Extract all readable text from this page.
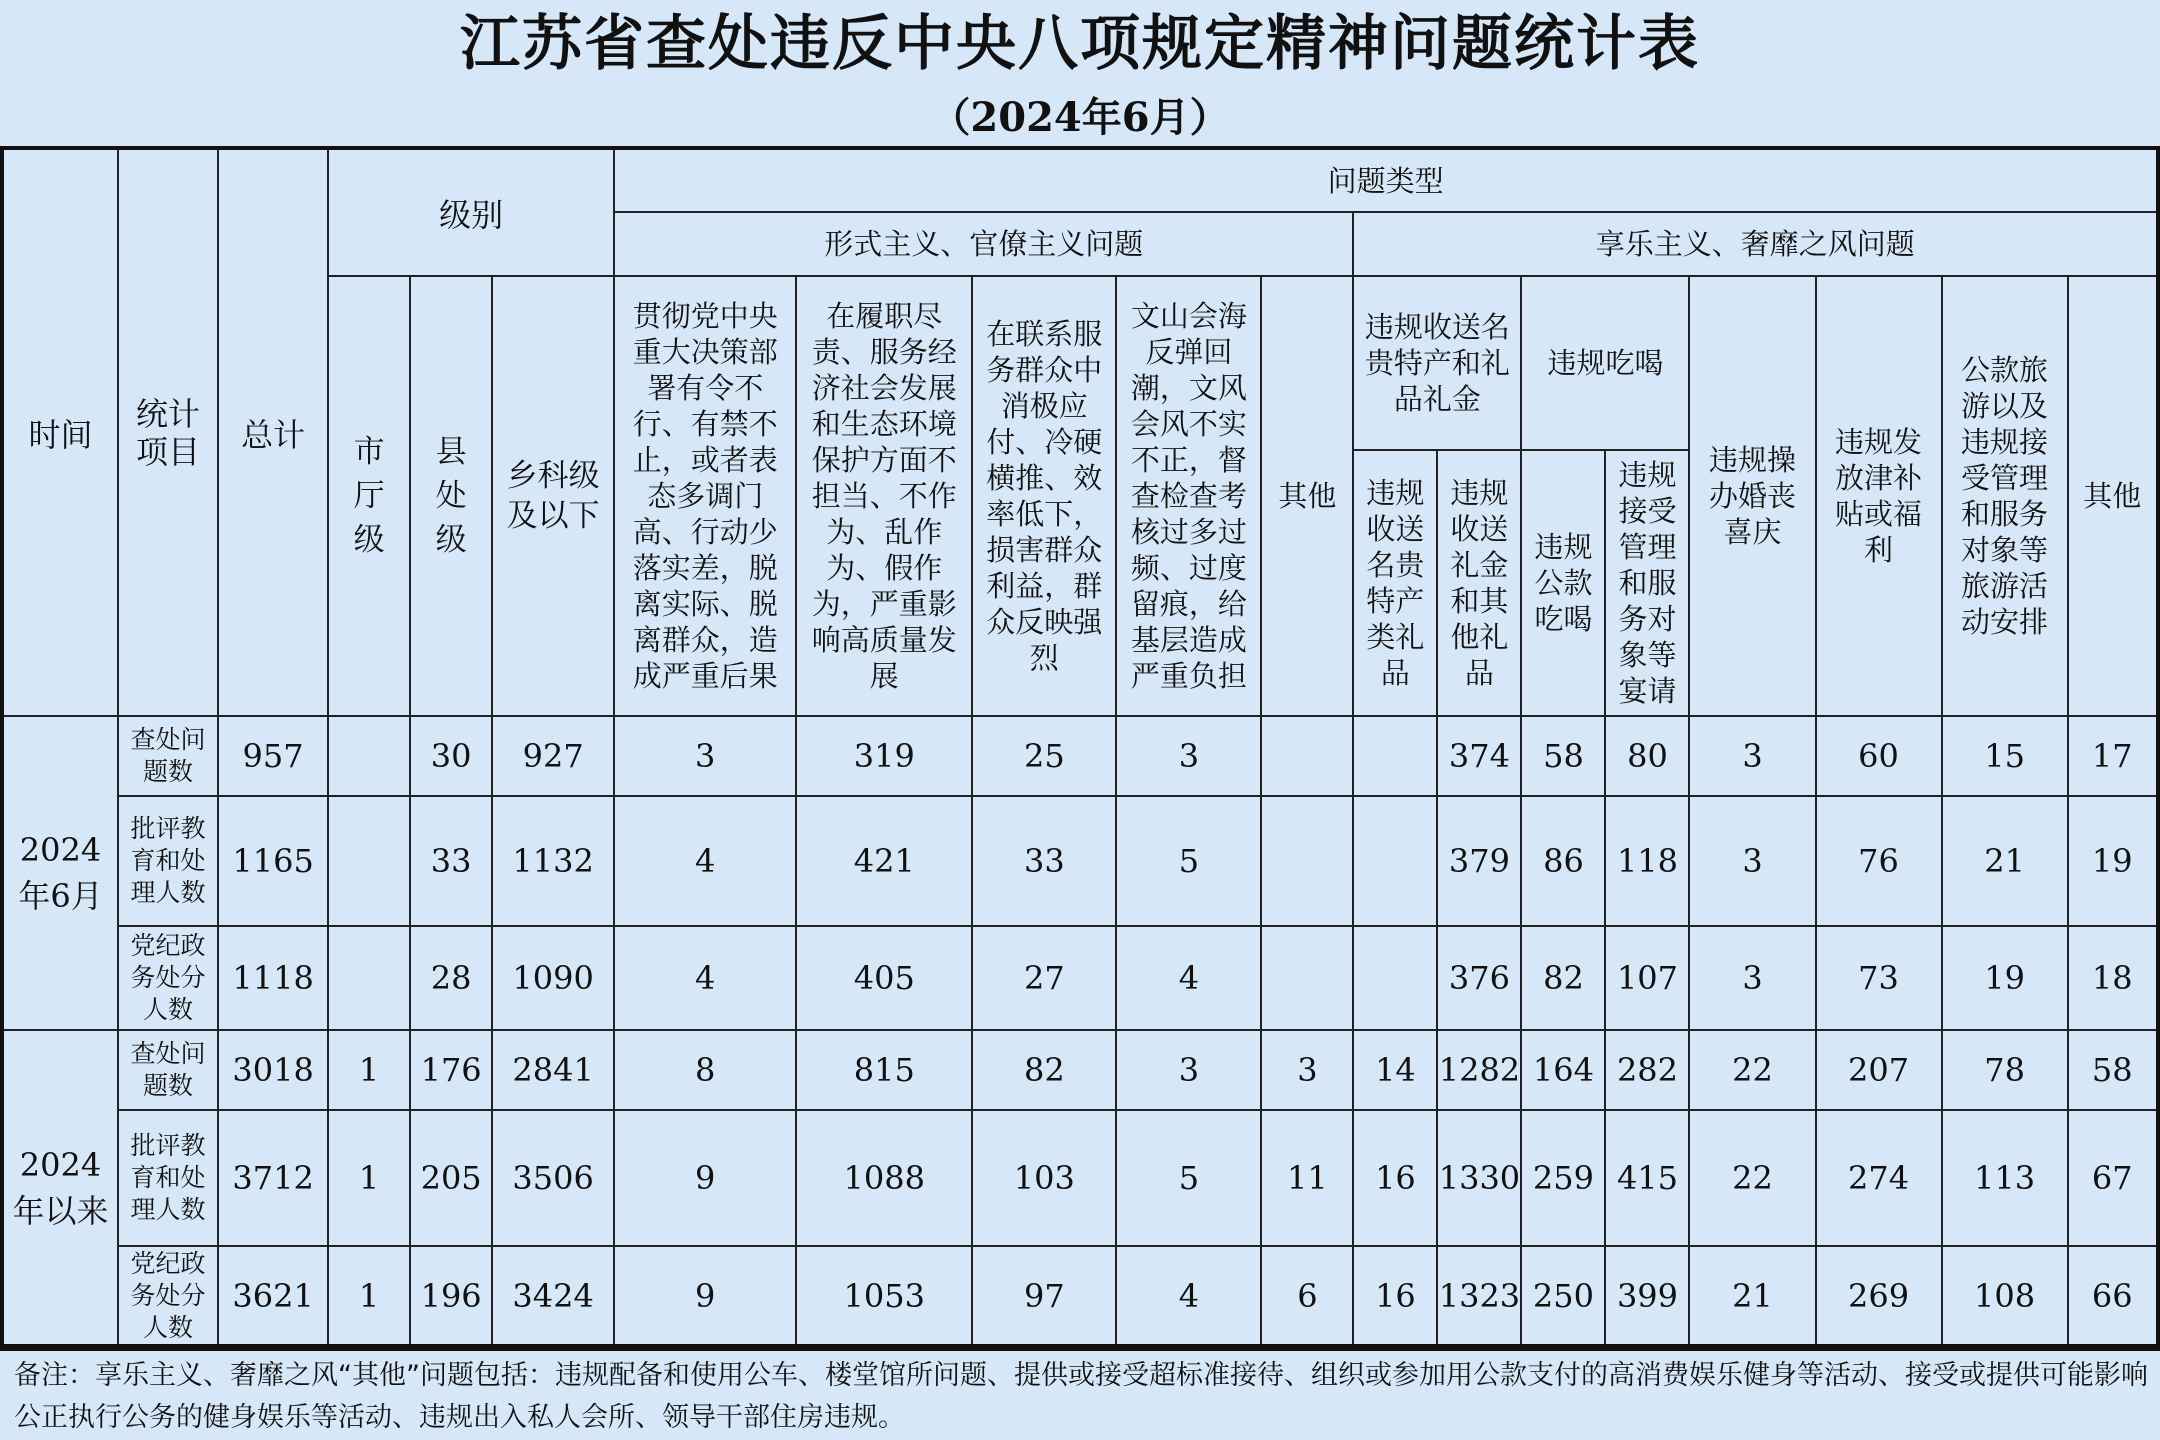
江苏省查处违反中央八项规定精神问题统计表
（2024年6月）
时间	统计项目	总计	级别			问题类型												
						形式主义、官僚主义问题					享乐主义、奢靡之风问题							

			市厅级	县处级	乡科级及以下	贯彻党中央重大决策部署有令不行、有禁不止，或者表态多调门高、行动少落实差，脱离实际、脱离群众，造成严重后果	在履职尽责、服务经济社会发展和生态环境保护方面不担当、不作为、乱作为、假作为，严重影响高质量发展	在联系服务群众中消极应付、冷硬横推、效率低下，损害群众利益，群众反映强烈	文山会海反弹回潮，文风会风不实不正，督查检查考核过多过频、过度留痕，给基层造成严重负担	其他	违规收送名贵特产和礼品礼金		违规吃喝		违规操办婚丧喜庆	违规发放津补贴或福利	公款旅游以及违规接受管理和服务对象等旅游活动安排	其他

											违规收送名贵特产类礼品	违规收送礼金和其他礼品	违规公款吃喝	违规接受管理和服务对象等宴请				

2024年6月	查处问题数	957		30	927	3	319	25	3			374	58	80	3	60	15	17

	批评教育和处理人数	1165		33	1132	4	421	33	5			379	86	118	3	76	21	19

	党纪政务处分人数	1118		28	1090	4	405	27	4			376	82	107	3	73	19	18

2024年以来	查处问题数	3018	1	176	2841	8	815	82	3	3	14	1282	164	282	22	207	78	58

	批评教育和处理人数	3712	1	205	3506	9	1088	103	5	11	16	1330	259	415	22	274	113	67

	党纪政务处分人数	3621	1	196	3424	9	1053	97	4	6	16	1323	250	399	21	269	108	66
备注：享乐主义、奢靡之风“其他”问题包括：违规配备和使用公车、楼堂馆所问题、提供或接受超标准接待、组织或参加用公款支付的高消费娱乐健身等活动、接受或提供可能影响公正执行公务的健身娱乐等活动、违规出入私人会所、领导干部住房违规。
